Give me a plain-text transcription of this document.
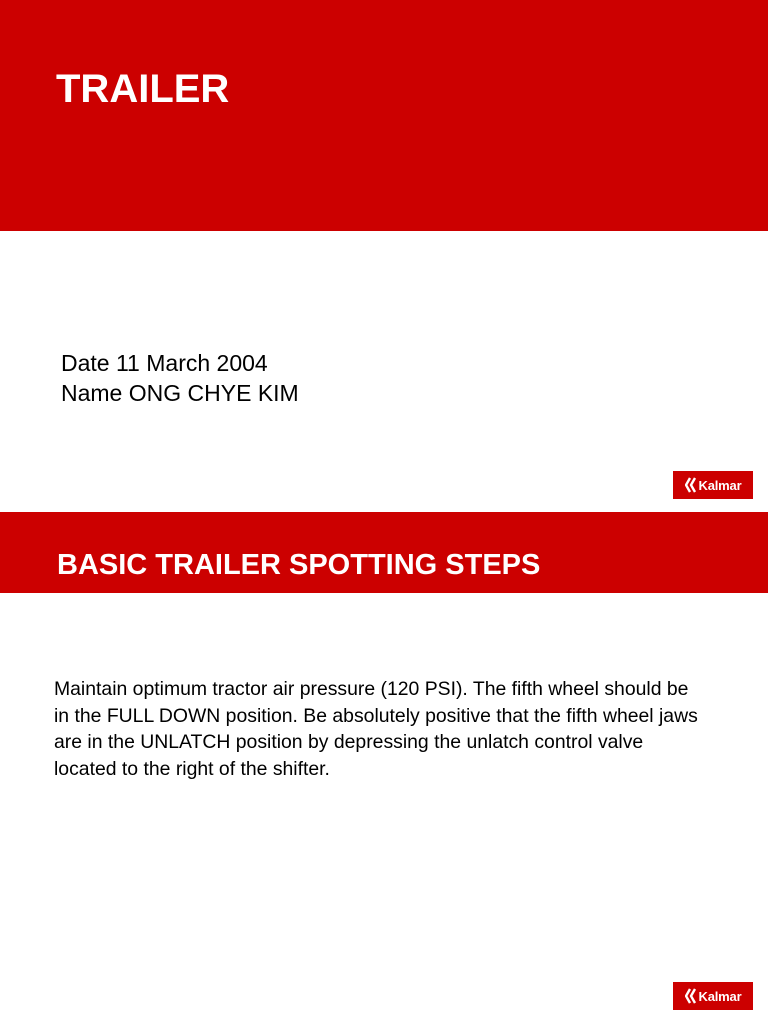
TRAILER
Date 11 March 2004
Name ONG CHYE KIM
Kalmar
BASIC TRAILER SPOTTING STEPS
Maintain optimum tractor air pressure (120 PSI). The fifth wheel should be in the FULL DOWN position. Be absolutely positive that the fifth wheel jaws are in the UNLATCH position by depressing the unlatch control valve located to the right of the shifter.
Kalmar
